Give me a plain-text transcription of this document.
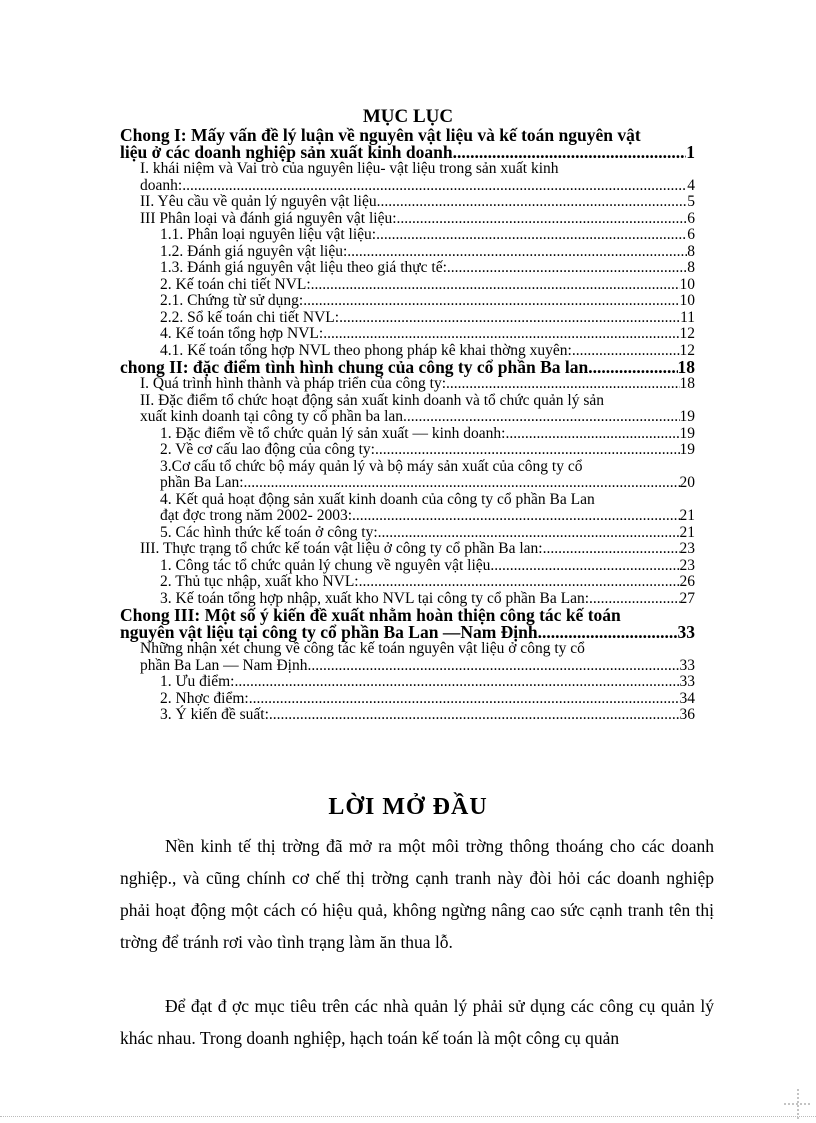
MỤC LỤC
Chong I: Mấy vấn đề lý luận về nguyên vật liệu và kế toán nguyên vật
liệu ở các doanh nghiệp sản xuất kinh doanh .....	1
I. khái niệm và Vai trò của nguyên liệu- vật liệu trong sản xuất kinh
doanh: .....	4
II. Yêu cầu về quản lý nguyên vật liệu .....	5
III Phân loại và đánh giá nguyên vật liệu: .....	6
1.1. Phân loại nguyên liệu vật liệu: .....	6
1.2. Đánh giá nguyên vật liệu: .....	8
1.3. Đánh giá nguyên vật liệu theo giá thực tế: .....	8
2. Kế toán chi tiết NVL: .....	10
2.1. Chứng từ sử dụng: .....	10
2.2. Sổ kế toán chi tiết NVL: .....	11
4. Kế toán tổng hợp NVL: .....	12
4.1. Kế toán tổng hợp NVL theo phong pháp kê khai thờng xuyên: .....	12
chong II: đặc điểm tình hình chung của công ty cổ phần Ba lan .....	18
I. Quá trình hình thành và pháp triển của công ty: .....	18
II. Đặc điểm tổ chức hoạt động sản xuất kinh doanh và tổ chức quản lý sản
xuất kinh doanh tại công ty cổ phần ba lan .....	19
1. Đặc điểm về tổ chức quản lý sản xuất — kinh doanh: .....	19
2. Về cơ cấu lao động của công ty: .....	19
3.Cơ cấu tổ chức bộ máy quản lý và bộ máy sản xuất của công ty cổ
phần Ba Lan: .....	20
4. Kết quả hoạt động sản xuất kinh doanh của công ty cổ phần Ba Lan
đạt đợc trong năm 2002- 2003: .....	21
5. Các hình thức kế toán ở công ty: .....	21
III. Thực trạng tổ chức kế toán vật liệu ở công ty cổ phần Ba lan: .....	23
1. Công tác tổ chức quản lý chung về nguyên vật liệu. .....	23
2. Thủ tục nhập, xuất kho NVL: .....	26
3. Kế toán tổng hợp nhập, xuất kho NVL tại công ty cổ phần Ba Lan: .....	27
Chong III: Một số ý kiến đề xuất nhằm hoàn thiện công tác kế toán
nguyên vật liệu tại công ty cổ phần Ba Lan —Nam Định .....	33
Những nhận xét chung về công tác kế toán nguyên vật liệu ở công ty cổ
phần Ba Lan — Nam Định. .....	33
1. Ưu điểm: .....	33
2. Nhợc điểm: .....	34
3. Ý kiến đề suất: .....	36
LỜI MỞ ĐẦU

Nền kinh tế thị trờng đã mở ra một môi trờng thông thoáng cho các doanh nghiệp., và cũng chính cơ chế thị trờng cạnh tranh này đòi hỏi các doanh nghiệp phải hoạt động một cách có hiệu quả, không ngừng nâng cao sức cạnh tranh tên thị trờng để tránh rơi vào tình trạng làm ăn thua lỗ.

Để đạt đ ợc mục tiêu trên các nhà quản lý phải sử dụng các công cụ quản lý khác nhau. Trong doanh nghiệp, hạch toán kế toán là một công cụ quản
